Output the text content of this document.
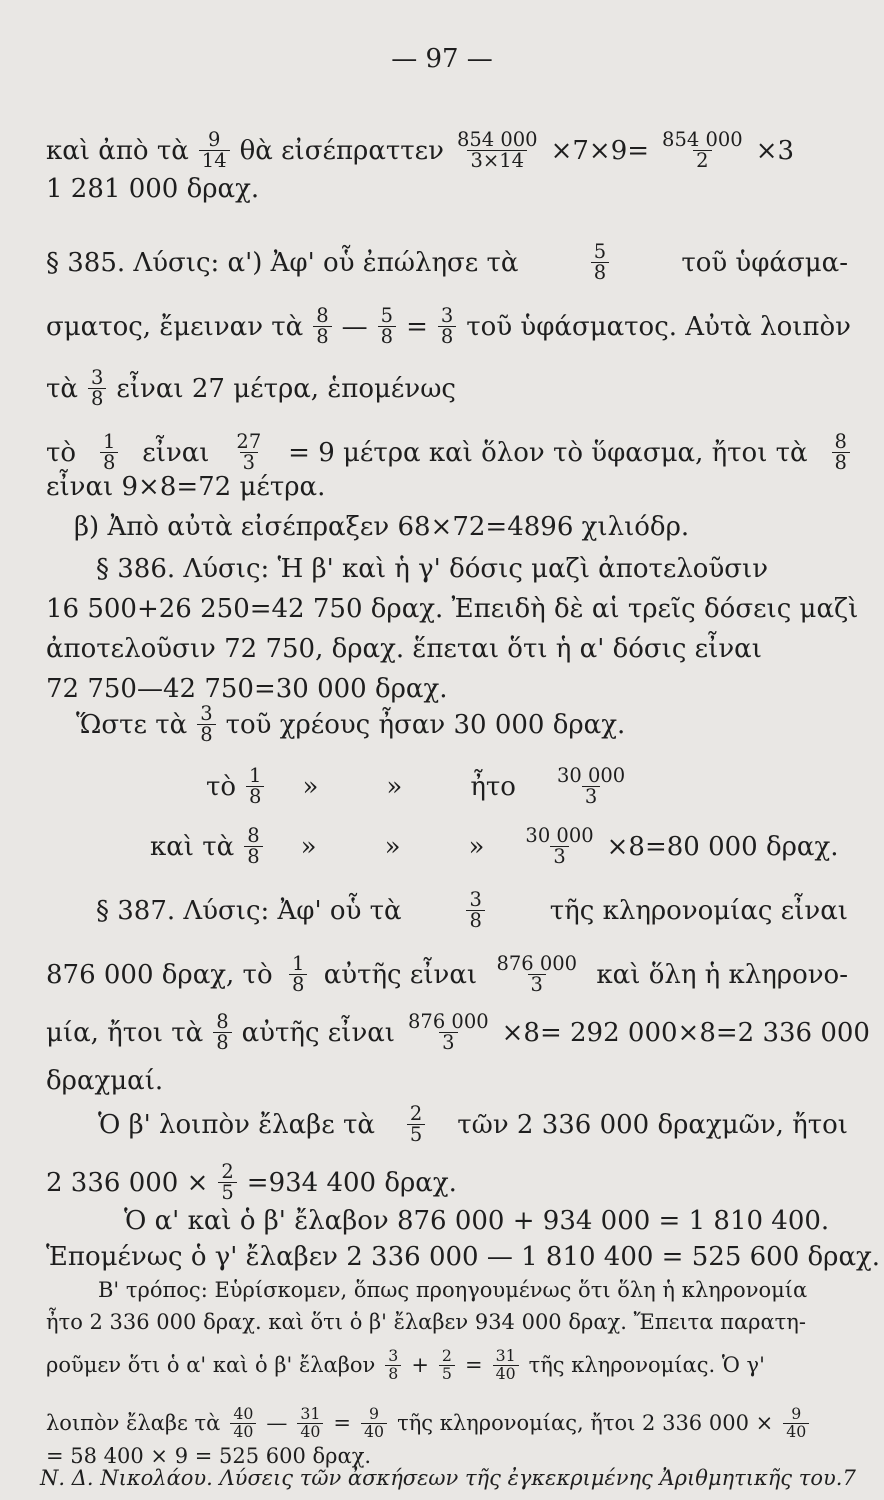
— 97 —
καὶ ἀπὸ τὰ $\frac{9}{14}$ θὰ εἰσέπραττεν $\frac{854 000}{3\times 14} \times 7\times 9= \frac{854 000}{2} \times 3$
1 281 000 δραχ.
§ 385. Λύσις: α') Ἀφ' οὗ ἐπώλησε τὰ	$\frac{5}{8}$	τοῦ ὑφάσμα-
σματος, ἔμειναν τὰ $\frac{8}{8}$ — $\frac{5}{8} = \frac{3}{8}$ τοῦ ὑφάσματος. Αὐτὰ λοιπὸν
τὰ $\frac{3}{8}$ εἶναι 27 μέτρα, ἑπομένως
τὸ $\frac{1}{8}$ εἶναι $\frac{27}{3} = 9$ μέτρα καὶ ὅλον τὸ ὕφασμα, ἤτοι τὰ $\frac{8}{8}$
εἶναι 9×8=72 μέτρα.
β) Ἀπὸ αὐτὰ εἰσέπραξεν 68×72=4896 χιλιόδρ.
§ 386. Λύσις: Ἡ β' καὶ ἡ γ' δόσις μαζὶ ἀποτελοῦσιν
16 500+26 250=42 750 δραχ. Ἐπειδὴ δὲ αἱ τρεῖς δόσεις μαζὶ
ἀποτελοῦσιν 72 750, δραχ. ἕπεται ὅτι ἡ α' δόσις εἶναι
72 750—42 750=30 000 δραχ.
Ὥστε τὰ $\frac{3}{8}$ τοῦ χρέους ἦσαν 30 000 δραχ.
τὸ $\frac{1}{8}$ »	»	ἦτο $\frac{30 000}{3}$
καὶ τὰ $\frac{8}{8}$ »	»	» $\frac{30 000}{3} \times 8=80$ 000 δραχ.
§ 387. Λύσις: Ἀφ' οὗ τὰ	$\frac{3}{8}$ τῆς κληρονομίας εἶναι
876 000 δραχ, τὸ $\frac{1}{8}$ αὐτῆς εἶναι $\frac{876 000}{3}$ καὶ ὅλη ἡ κληρονο-
μία, ἤτοι τὰ $\frac{8}{8}$ αὐτῆς εἶναι $\frac{876 000}{3} \times 8= 292$ 000×8=2 336 000
δραχμαί.
Ὁ β' λοιπὸν ἔλαβε τὰ $\frac{2}{5}$ τῶν 2 336 000 δραχμῶν, ἤτοι
2 336 $000 \times \frac{2}{5} =934$ 400 δραχ.
Ὁ α' καὶ ὁ β' ἔλαβον 876 000 + 934 000 = 1 810 400.
Ἑπομένως ὁ γ' ἔλαβεν 2 336 000 — 1 810 400 = 525 600 δραχ.
Β' τρόπος: Εὑρίσκομεν, ὅπως προηγουμένως ὅτι ὅλη ἡ κληρονομία
ἦτο 2 336 000 δραχ. καὶ ὅτι ὁ β' ἔλαβεν 934 000 δραχ. Ἔπειτα παρατη-
ροῦμεν ὅτι ὁ α' καὶ ὁ β' ἔλαβον $\frac{3}{8} + \frac{2}{5} = \frac{31}{40}$ τῆς κληρονομίας. Ὁ γ'
λοιπὸν ἔλαβε τὰ $\frac{40}{40}$ — $\frac{31}{40} = \frac{9}{40}$ τῆς κληρονομίας, ἤτοι 2 336 $000 \times \frac{9}{40}$
= 58 400 × 9 = 525 600 δραχ.
Ν. Δ. Νικολάου. Λύσεις τῶν ἀσκήσεων τῆς ἐγκεκριμένης Ἀριθμητικῆς του. 7
